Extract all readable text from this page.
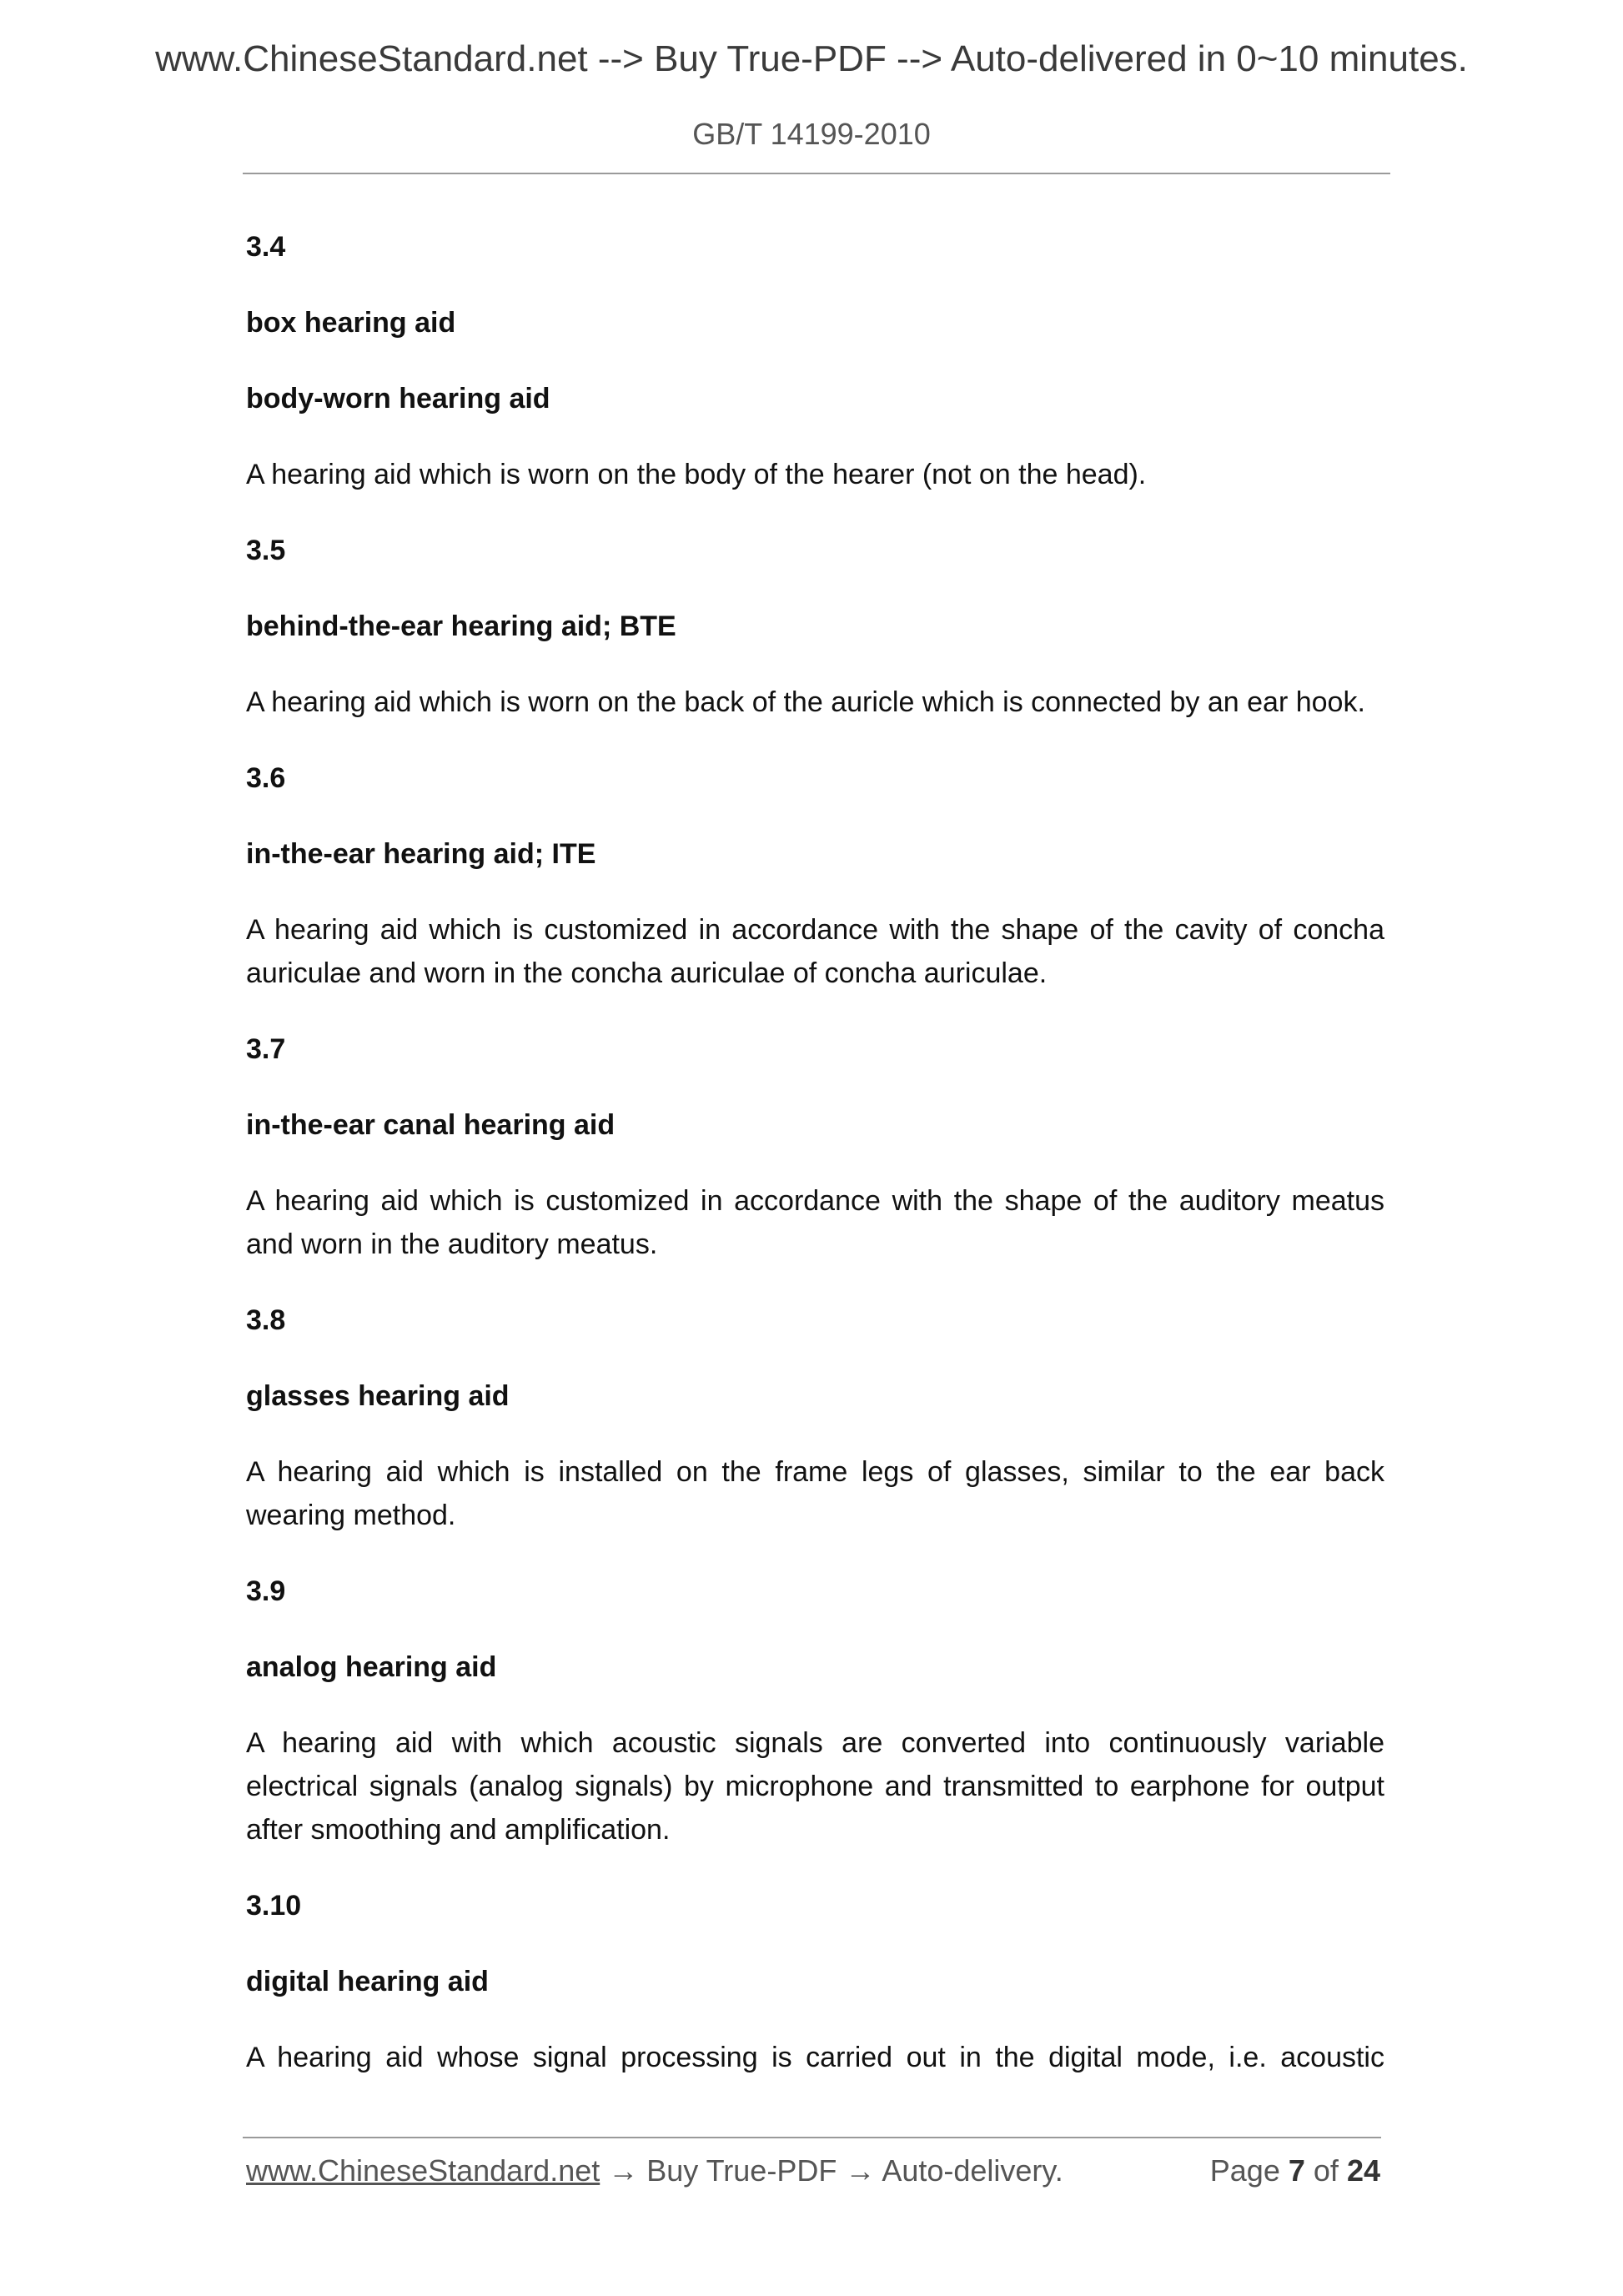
www.ChineseStandard.net --> Buy True-PDF --> Auto-delivered in 0~10 minutes.
GB/T 14199-2010

3.4

box hearing aid

body-worn hearing aid

A hearing aid which is worn on the body of the hearer (not on the head).

3.5

behind-the-ear hearing aid; BTE

A hearing aid which is worn on the back of the auricle which is connected by an ear hook.

3.6

in-the-ear hearing aid; ITE

A hearing aid which is customized in accordance with the shape of the cavity of concha auriculae and worn in the concha auriculae of concha auriculae.

3.7

in-the-ear canal hearing aid

A hearing aid which is customized in accordance with the shape of the auditory meatus and worn in the auditory meatus.

3.8

glasses hearing aid

A hearing aid which is installed on the frame legs of glasses, similar to the ear back wearing method.

3.9

analog hearing aid

A hearing aid with which acoustic signals are converted into continuously variable electrical signals (analog signals) by microphone and transmitted to earphone for output after smoothing and amplification.

3.10

digital hearing aid

A hearing aid whose signal processing is carried out in the digital mode, i.e. acoustic

www.ChineseStandard.net → Buy True-PDF → Auto-delivery.	Page 7 of 24
